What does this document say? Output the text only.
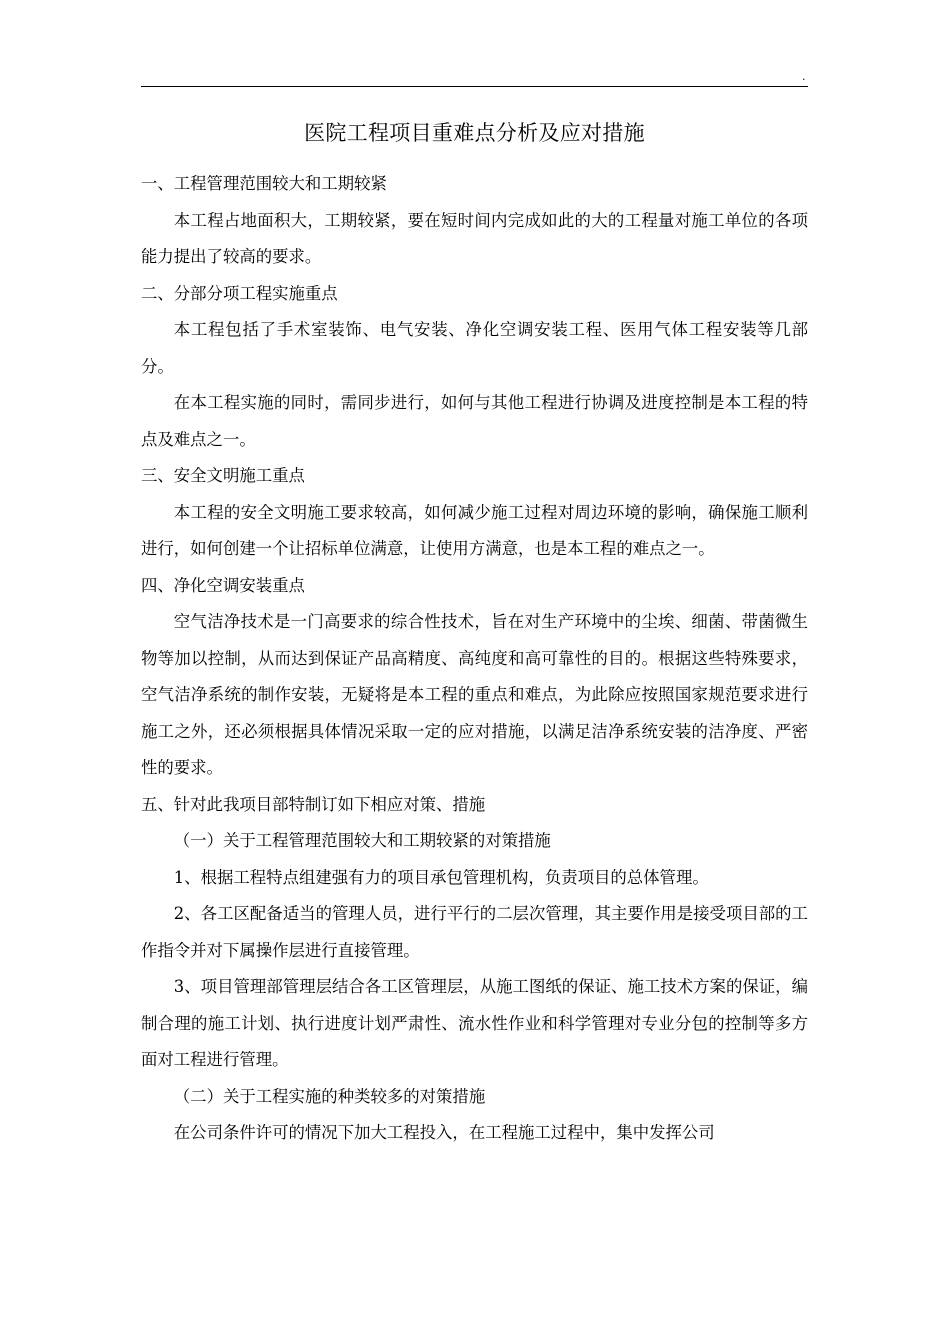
.
医院工程项目重难点分析及应对措施

一、工程管理范围较大和工期较紧

本工程占地面积大，工期较紧，要在短时间内完成如此的大的工程量对施工单位的各项能力提出了较高的要求。

二、分部分项工程实施重点

本工程包括了手术室装饰、电气安装、净化空调安装工程、医用气体工程安装等几部分。

在本工程实施的同时，需同步进行，如何与其他工程进行协调及进度控制是本工程的特点及难点之一。

三、安全文明施工重点

本工程的安全文明施工要求较高，如何减少施工过程对周边环境的影响，确保施工顺利进行，如何创建一个让招标单位满意，让使用方满意，也是本工程的难点之一。

四、净化空调安装重点

空气洁净技术是一门高要求的综合性技术，旨在对生产环境中的尘埃、细菌、带菌微生物等加以控制，从而达到保证产品高精度、高纯度和高可靠性的目的。根据这些特殊要求，空气洁净系统的制作安装，无疑将是本工程的重点和难点，为此除应按照国家规范要求进行施工之外，还必须根据具体情况采取一定的应对措施，以满足洁净系统安装的洁净度、严密性的要求。

五、针对此我项目部特制订如下相应对策、措施

（一）关于工程管理范围较大和工期较紧的对策措施

1、根据工程特点组建强有力的项目承包管理机构，负责项目的总体管理。

2、各工区配备适当的管理人员，进行平行的二层次管理，其主要作用是接受项目部的工作指令并对下属操作层进行直接管理。

3、项目管理部管理层结合各工区管理层，从施工图纸的保证、施工技术方案的保证，编制合理的施工计划、执行进度计划严肃性、流水性作业和科学管理对专业分包的控制等多方面对工程进行管理。

（二）关于工程实施的种类较多的对策措施

在公司条件许可的情况下加大工程投入，在工程施工过程中，集中发挥公司
